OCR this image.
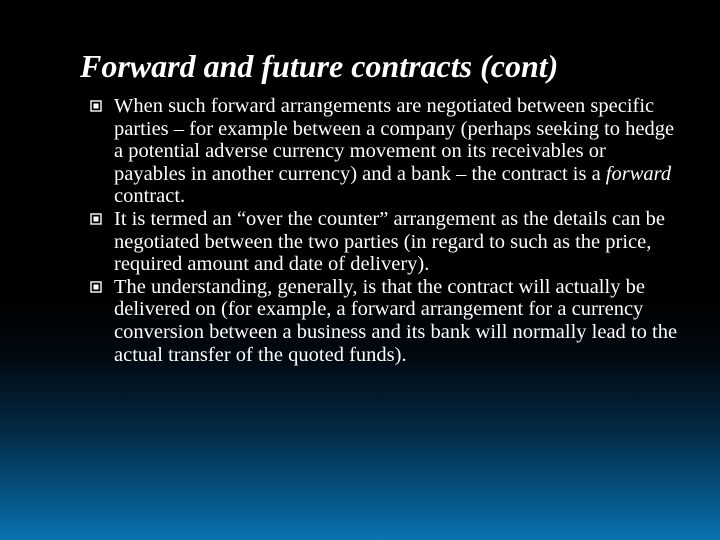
Forward and future contracts (cont)
When such forward arrangements are negotiated between specific parties – for example between a company (perhaps seeking to hedge a potential adverse currency movement on its receivables or payables in another currency) and a bank – the contract is a forward contract.
It is termed an “over the counter” arrangement as the details can be negotiated between the two parties (in regard to such as the price, required amount and date of delivery).
The understanding, generally, is that the contract will actually be delivered on (for example, a forward arrangement for a currency conversion between a business and its bank will normally lead to the actual transfer of the quoted funds).
